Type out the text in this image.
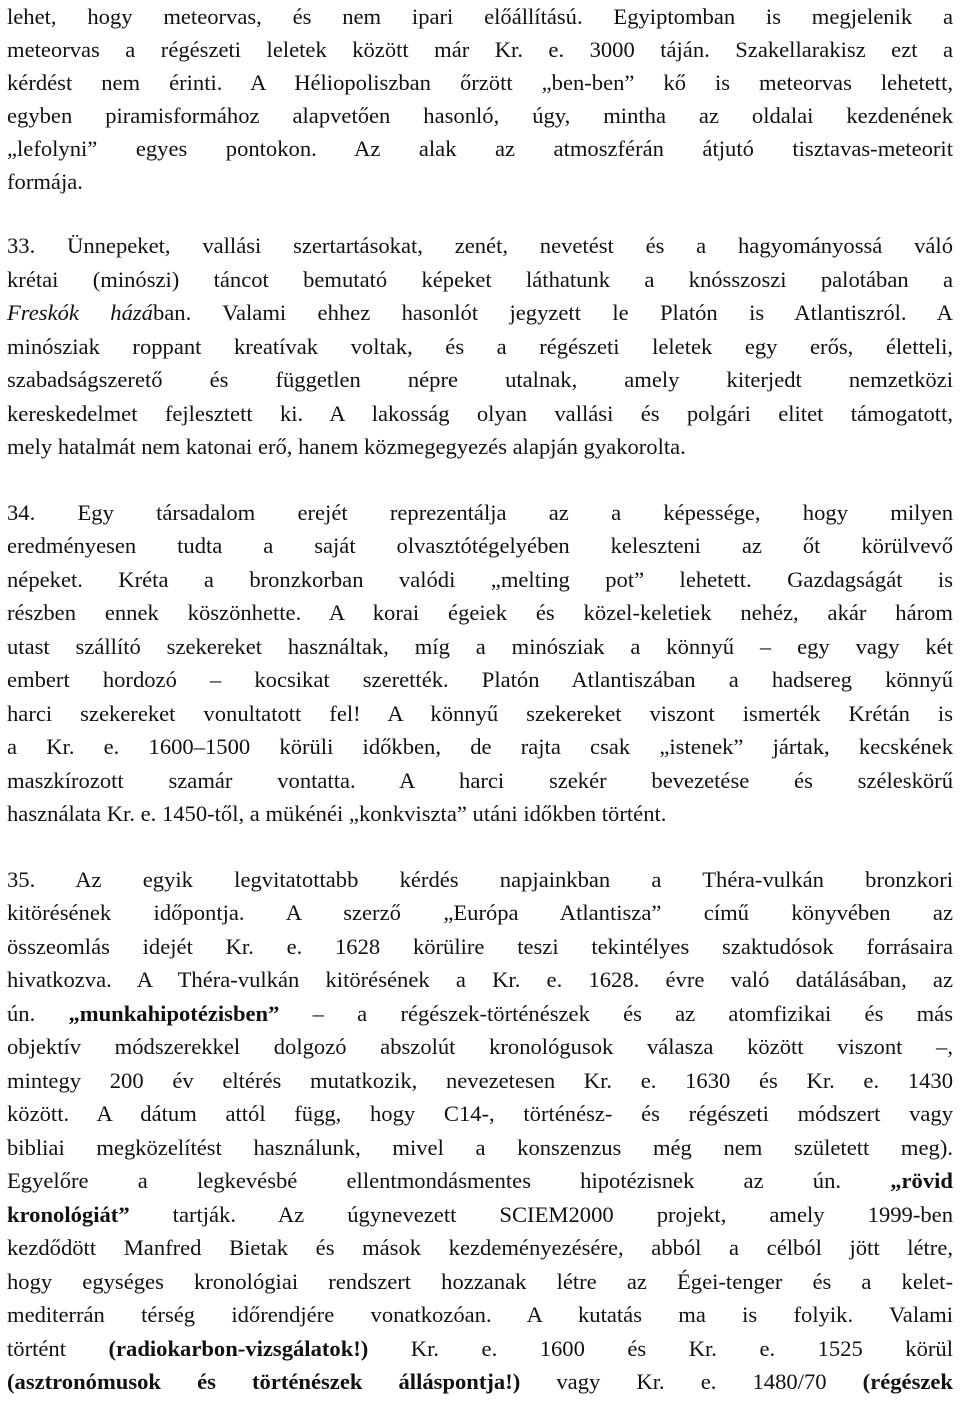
lehet, hogy meteorvas, és nem ipari előállítású. Egyiptomban is megjelenik a
meteorvas a régészeti leletek között már Kr. e. 3000 táján. Szakellarakisz ezt a
kérdést nem érinti. A Héliopoliszban őrzött „ben-ben” kő is meteorvas lehetett,
egyben piramisformához alapvetően hasonló, úgy, mintha az oldalai kezdenének
„lefolyni” egyes pontokon. Az alak az atmoszférán átjutó tisztavas-meteorit
formája.
33. Ünnepeket, vallási szertartásokat, zenét, nevetést és a hagyományossá váló
krétai (minószi) táncot bemutató képeket láthatunk a knósszoszi palotában a
Freskók házában. Valami ehhez hasonlót jegyzett le Platón is Atlantiszról. A
minósziak roppant kreatívak voltak, és a régészeti leletek egy erős, életteli,
szabadságszerető és független népre utalnak, amely kiterjedt nemzetközi
kereskedelmet fejlesztett ki. A lakosság olyan vallási és polgári elitet támogatott,
mely hatalmát nem katonai erő, hanem közmegegyezés alapján gyakorolta.
34. Egy társadalom erejét reprezentálja az a képessége, hogy milyen
eredményesen tudta a saját olvasztótégelyében keleszteni az őt körülvevő
népeket. Kréta a bronzkorban valódi „melting pot” lehetett. Gazdagságát is
részben ennek köszönhette. A korai égeiek és közel-keletiek nehéz, akár három
utast szállító szekereket használtak, míg a minósziak a könnyű – egy vagy két
embert hordozó – kocsikat szerették. Platón Atlantiszában a hadsereg könnyű
harci szekereket vonultatott fel! A könnyű szekereket viszont ismerték Krétán is
a Kr. e. 1600–1500 körüli időkben, de rajta csak „istenek” jártak, kecskének
maszkírozott szamár vontatta. A harci szekér bevezetése és széleskörű
használata Kr. e. 1450-től, a mükénéi „konkviszta” utáni időkben történt.
35. Az egyik legvitatottabb kérdés napjainkban a Théra-vulkán bronzkori
kitörésének időpontja. A szerző „Európa Atlantisza” című könyvében az
összeomlás idejét Kr. e. 1628 körülire teszi tekintélyes szaktudósok forrásaira
hivatkozva. A Théra-vulkán kitörésének a Kr. e. 1628. évre való datálásában, az
ún. „munkahipotézisben” – a régészek-történészek és az atomfizikai és más
objektív módszerekkel dolgozó abszolút kronológusok válasza között viszont –,
mintegy 200 év eltérés mutatkozik, nevezetesen Kr. e. 1630 és Kr. e. 1430
között. A dátum attól függ, hogy C14-, történész- és régészeti módszert vagy
bibliai megközelítést használunk, mivel a konszenzus még nem született meg).
Egyelőre a legkevésbé ellentmondásmentes hipotézisnek az ún. „rövid
kronológiát” tartják. Az úgynevezett SCIEM2000 projekt, amely 1999-ben
kezdődött Manfred Bietak és mások kezdeményezésére, abból a célból jött létre,
hogy egységes kronológiai rendszert hozzanak létre az Égei-tenger és a kelet-
mediterrán térség időrendjére vonatkozóan. A kutatás ma is folyik. Valami
történt (radiokarbon-vizsgálatok!) Kr. e. 1600 és Kr. e. 1525 körül
(asztronómusok és történészek álláspontja!) vagy Kr. e. 1480/70 (régészek
